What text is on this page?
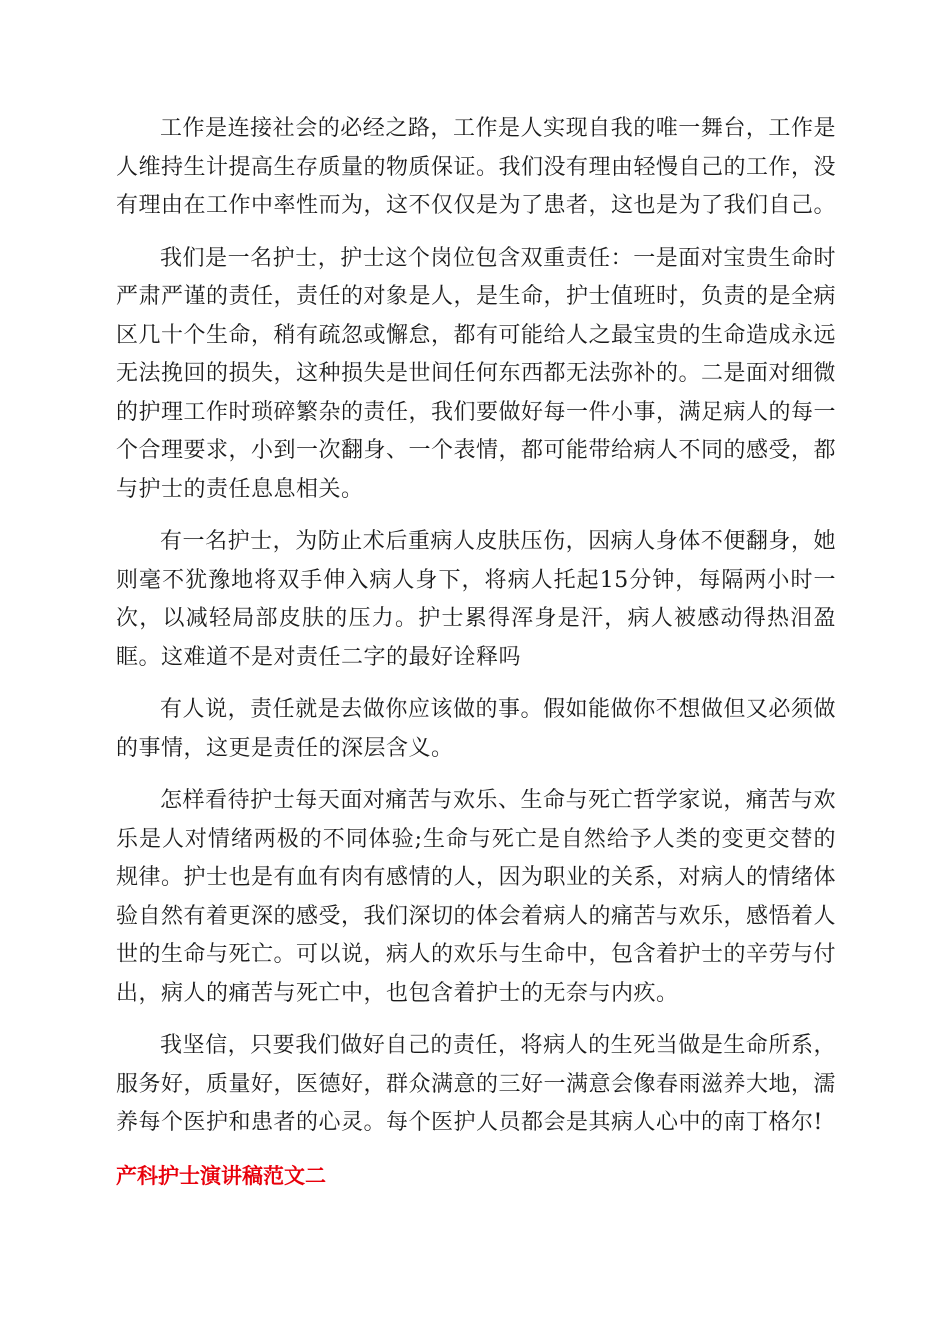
工作是连接社会的必经之路，工作是人实现自我的唯一舞台，工作是人维持生计提高生存质量的物质保证。我们没有理由轻慢自己的工作，没有理由在工作中率性而为，这不仅仅是为了患者，这也是为了我们自己。

我们是一名护士，护士这个岗位包含双重责任：一是面对宝贵生命时严肃严谨的责任，责任的对象是人，是生命，护士值班时，负责的是全病区几十个生命，稍有疏忽或懈怠，都有可能给人之最宝贵的生命造成永远无法挽回的损失，这种损失是世间任何东西都无法弥补的。二是面对细微的护理工作时琐碎繁杂的责任，我们要做好每一件小事，满足病人的每一个合理要求，小到一次翻身、一个表情，都可能带给病人不同的感受，都与护士的责任息息相关。

有一名护士，为防止术后重病人皮肤压伤，因病人身体不便翻身，她则毫不犹豫地将双手伸入病人身下，将病人托起15分钟，每隔两小时一次，以减轻局部皮肤的压力。护士累得浑身是汗，病人被感动得热泪盈眶。这难道不是对责任二字的最好诠释吗

有人说，责任就是去做你应该做的事。假如能做你不想做但又必须做的事情，这更是责任的深层含义。

怎样看待护士每天面对痛苦与欢乐、生命与死亡哲学家说，痛苦与欢乐是人对情绪两极的不同体验;生命与死亡是自然给予人类的变更交替的规律。护士也是有血有肉有感情的人，因为职业的关系，对病人的情绪体验自然有着更深的感受，我们深切的体会着病人的痛苦与欢乐，感悟着人世的生命与死亡。可以说，病人的欢乐与生命中，包含着护士的辛劳与付出，病人的痛苦与死亡中，也包含着护士的无奈与内疚。

我坚信，只要我们做好自己的责任，将病人的生死当做是生命所系，服务好，质量好，医德好，群众满意的三好一满意会像春雨滋养大地，濡养每个医护和患者的心灵。每个医护人员都会是其病人心中的南丁格尔!

产科护士演讲稿范文二
